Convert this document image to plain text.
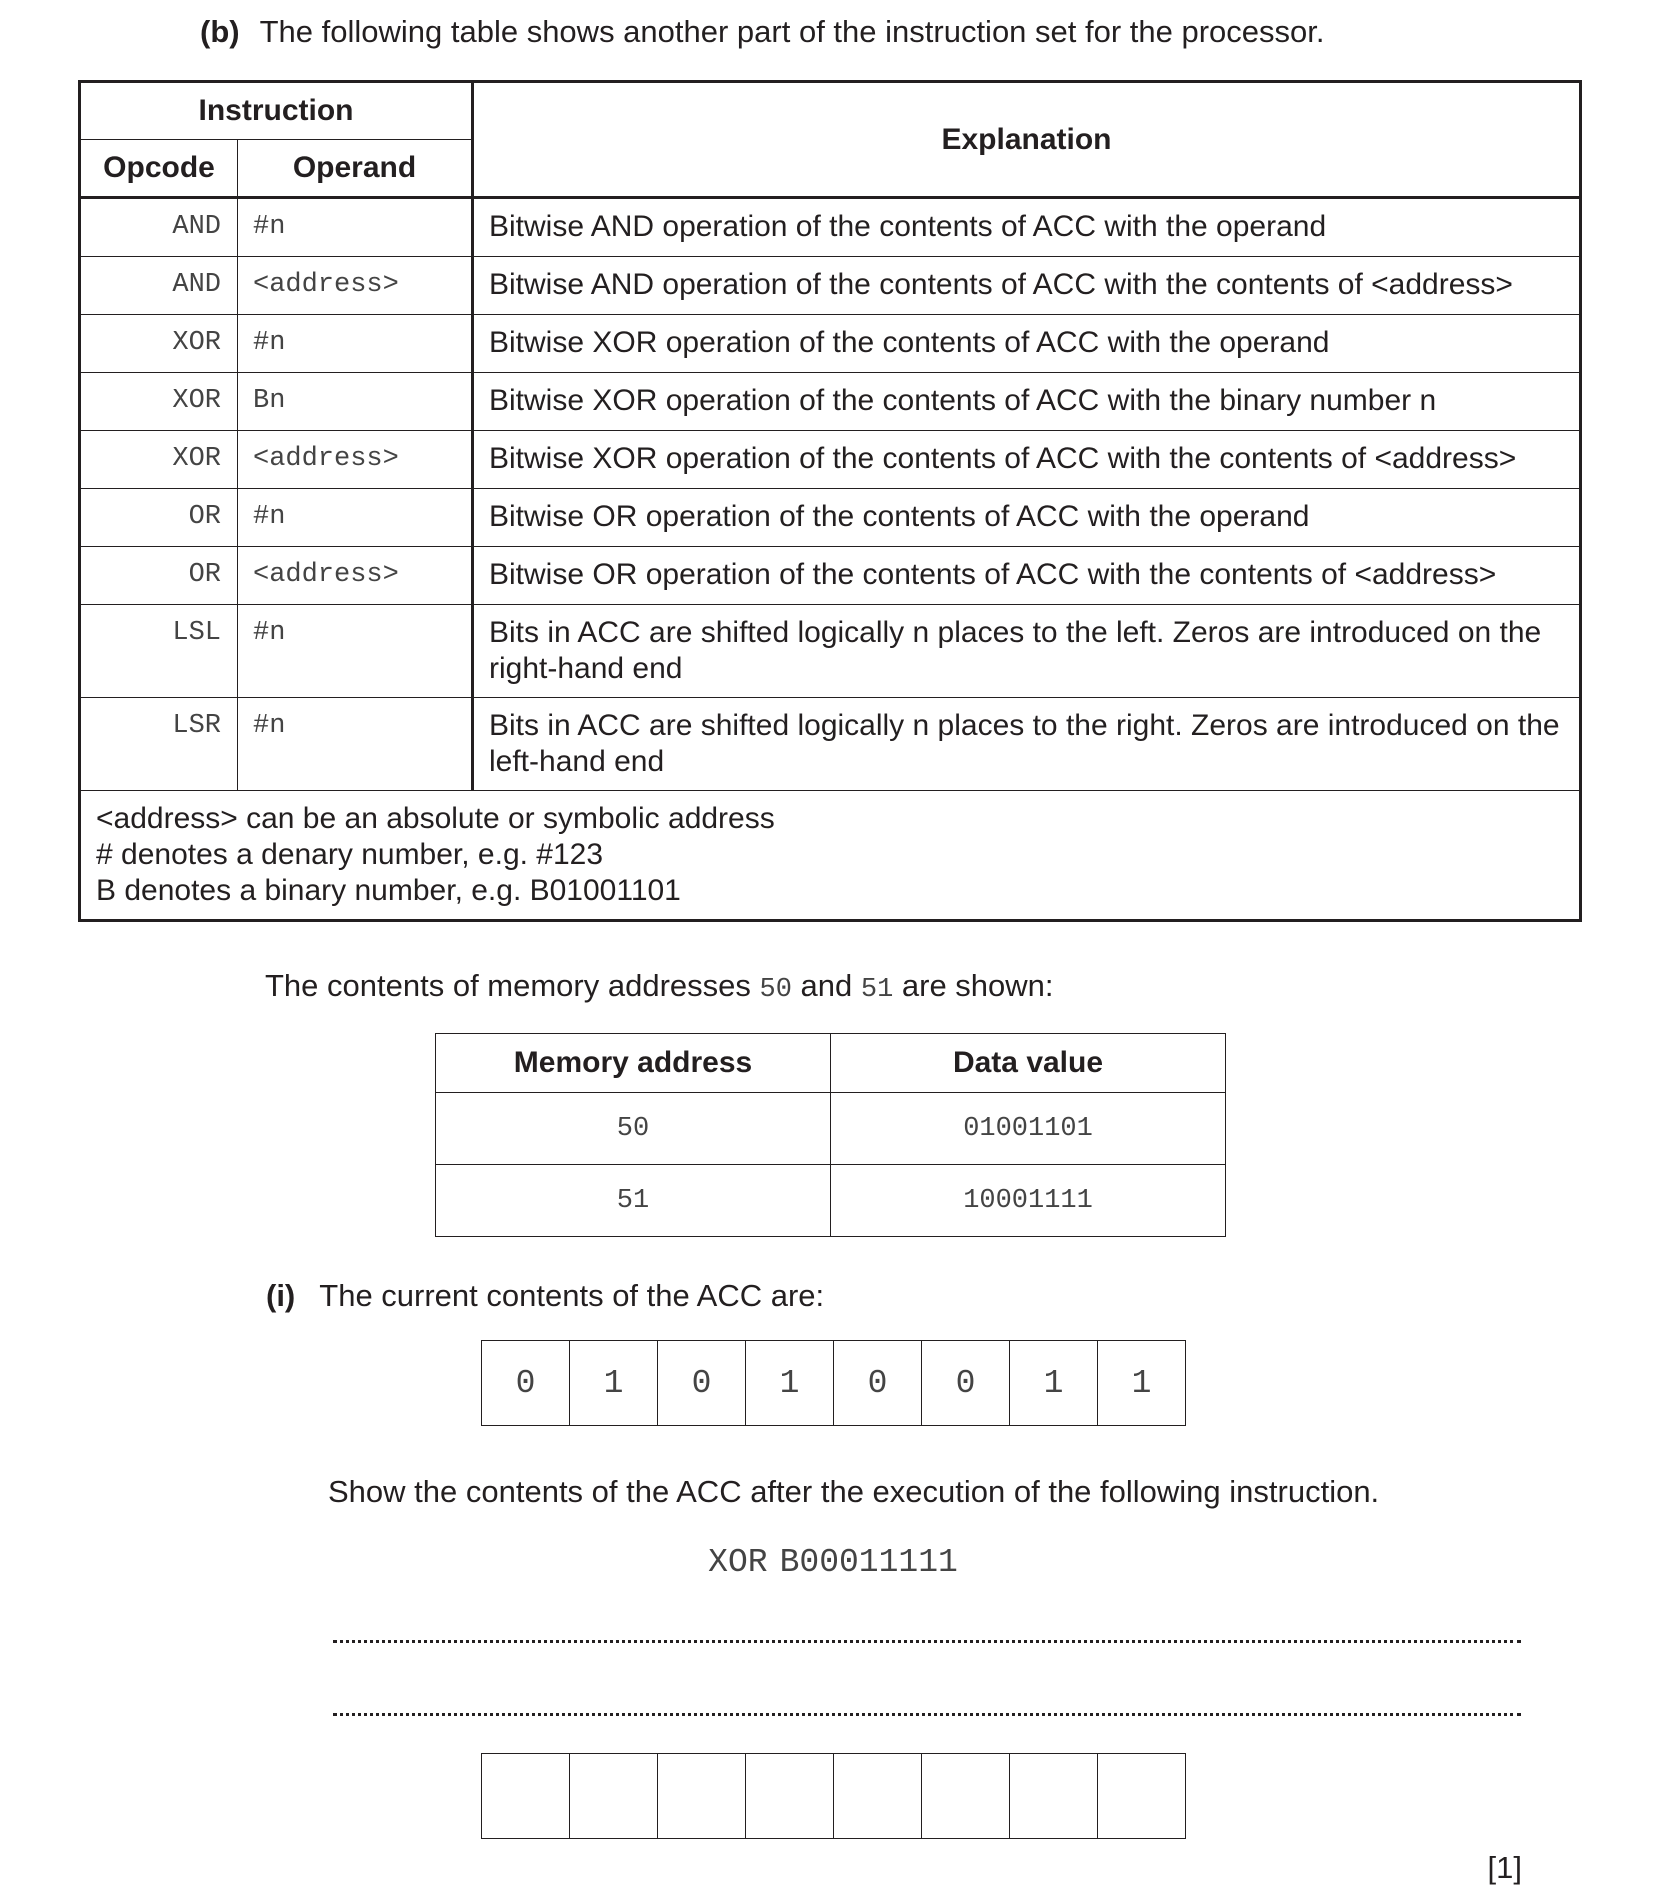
(b) The following table shows another part of the instruction set for the processor.
Instruction		Explanation
Opcode	Operand	
AND	#n	Bitwise AND operation of the contents of ACC with the operand
AND	<address>	Bitwise AND operation of the contents of ACC with the contents of <address>
XOR	#n	Bitwise XOR operation of the contents of ACC with the operand
XOR	Bn	Bitwise XOR operation of the contents of ACC with the binary number n
XOR	<address>	Bitwise XOR operation of the contents of ACC with the contents of <address>
OR	#n	Bitwise OR operation of the contents of ACC with the operand
OR	<address>	Bitwise OR operation of the contents of ACC with the contents of <address>
LSL	#n	Bits in ACC are shifted logically n places to the left. Zeros are introduced on the right-hand end
LSR	#n	Bits in ACC are shifted logically n places to the right. Zeros are introduced on the left-hand end

<address> can be an absolute or symbolic address
# denotes a denary number, e.g. #123
B denotes a binary number, e.g. B01001101		
The contents of memory addresses 50 and 51 are shown:
Memory address	Data value
50	01001101
51	10001111
(i) The current contents of the ACC are:
0	1	0	1	0	0	1	1
Show the contents of the ACC after the execution of the following instruction.
XOR B00011111
[1]
